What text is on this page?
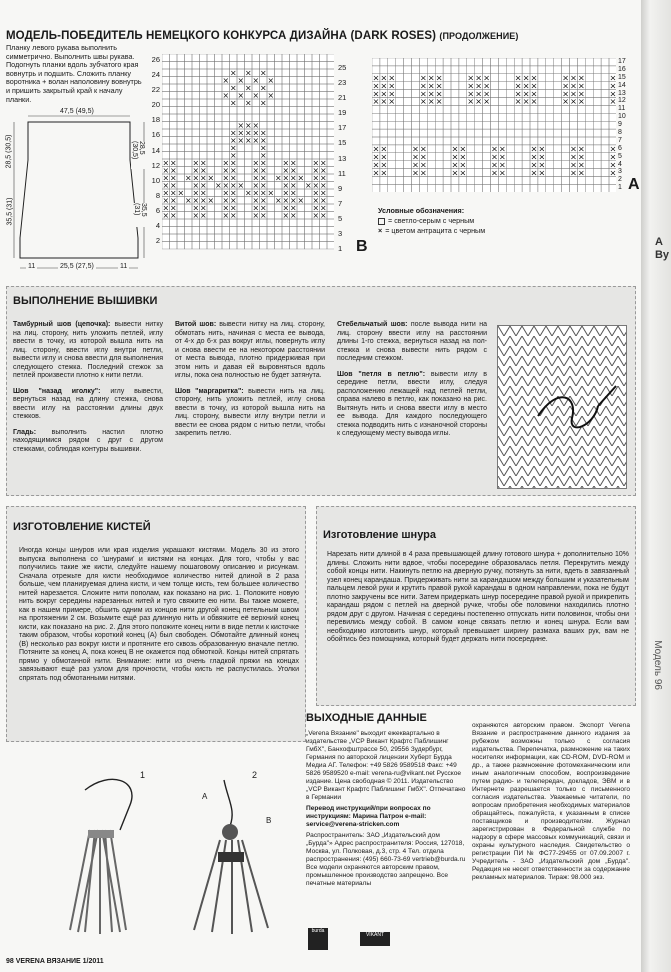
МОДЕЛЬ-ПОБЕДИТЕЛЬ НЕМЕЦКОГО КОНКУРСА ДИЗАЙНА (DARK ROSES) (ПРОДОЛЖЕНИЕ)
Планку левого рукава выполнить симметрично. Выполнить швы рукава. Подогнуть планки вдоль зубчатого края вовнутрь и подшить. Сложить планку воротника + волан наполовину вовнутрь и пришить закрытый край к началу планки.
47,5 (49,5)
28,5 (30,5)
35,5 (31)
28,5 (30,5)
35,5 (31)
11	25,5 (27,5)	11
26
24
22
20
18
16
14
12
10
8
6
4
2
× × ×
× × × ×
× × ×
× × × ×
× × ×
× × ×
× × × × ×
× × × × ×
×	×
×	×
× × × × × × × × × × × ×
× × × × × × × × × × × ×
× × × × × × × × × × × × × × × ×
× × × × × × × × × × × × × × ×
× × × × × × × × × × × × × × ×
× × × × × × × × × × × × × × × ×
× × × × × × × × × × × ×
× × × × × × × × × × × ×
25
23
21
19
17
15
13
11
9
7
5
3
1 B
× × ×	× × ×	× × ×	× × ×	× × ×	×
× × ×	× × ×	× × ×	× × ×	× × ×	×
× × ×	× × ×	× × ×	× × ×	× × ×	×
× × ×	× × ×	× × ×	× × ×	× × ×	×
× ×	× ×	× ×	× ×	× ×	× ×	×
× ×	× ×	× ×	× ×	× ×	× ×	×
× ×	× ×	× ×	× ×	× ×	× ×	×
× ×	× ×	× ×	× ×	× ×	× ×	×
17
16
15
14
13
12
11
10
9
8
7
6
5
4
3
2
1 A
Условные обозначения:
= светло-серым с черным
× = цветом антрацита с черным
ВЫПОЛНЕНИЕ ВЫШИВКИ

Тамбурный шов (цепочка): вывести нитку на лиц. сторону, нить уложить петлей, иглу ввести в точку, из которой вышла нить на лиц. сторону, ввести иглу внутри петли, вывести иглу и снова ввести для выполнения следующего стежка. Последний стежок за петлей произвести плотно к нити петли.

Шов "назад иголку": иглу вывести, вернуться назад на длину стежка, снова ввести иглу на расстоянии длины двух стежков.

Гладь: выполнить настил плотно находящимися рядом с друг с другом стежками, соблюдая контуры вышивки.

Витой шов: вывести нитку на лиц. сторону, обмотать нить, начиная с места ее вывода, от 4-х до 6-х раз вокруг иглы, повернуть иглу и снова ввести ее на некотором расстоянии от места вывода, плотно придерживая при этом нить и давая ей выровняться вдоль иглы, пока она полностью не будет затянута.

Шов "маргаритка": вывести нить на лиц. сторону, нить уложить петлей, иглу снова ввести в точку, из которой вышла нить на лиц. сторону, вывести иглу внутри петли и ввести ее снова рядом с нитью петли, чтобы закрепить петлю.

Стебельчатый шов: после вывода нити на лиц. сторону ввести иглу на расстоянии длины 1-го стежка, вернуться назад на пол-стежка и снова вывести нить рядом с последним стежком.

Шов "петля в петлю": вывести иглу в середине петли, ввести иглу, следуя расположению лежащей над петлей петли, справа налево в петлю, как показано на рис. Вытянуть нить и снова ввести иглу в место ее вывода. Для каждого последующего стежка подводить нить с изнаночной стороны к следующему месту вывода иглы.

ИЗГОТОВЛЕНИЕ КИСТЕЙ
Иногда концы шнуров или края изделия украшают кистями. Модель 30 из этого выпуска выполнена со 'шнурами' и кистями на концах. Для того, чтобы у вас получились такие же кисти, следуйте нашему пошаговому описанию и рисункам. Сначала отрежьте для кисти необходимое количество нитей длиной в 2 раза больше, чем планируемая длина кисти, и чем толще кисть, тем большее количество нитей нарезается. Сложите нити пополам, как показано на рис. 1. Положите новую нить вокруг середины нарезанных нитей и туго свяжите ею нити. Вы также можете, как в нашем примере, обшить одним из концов нити другой конец петельным швом на протяжении 2 см. Возьмите ещё раз длинную нить и обвяжите её верхний конец кисти, как показано на рис. 2. Для этого положите конец нити в виде петли к кисточке таким образом, чтобы короткий конец (A) был свободен. Обмотайте длинный конец (B) несколько раз вокруг кисти и протяните его сквозь образованную вначале петлю. Потяните за конец A, пока конец B не окажется под обмоткой. Концы нитей спрятать прямо у обмотанной нити. Внимание: нити из очень гладкой пряжи на концах завязывают ещё раз узлом для прочности, чтобы кисть не распустилась. Уголки спрятать под обмотанными нитями.
Изготовление шнура
Нарезать нити длиной в 4 раза превышающей длину готового шнура + дополнительно 10% длины. Сложить нити вдвое, чтобы посередине образовалась петля. Перекрутить между собой концы нити. Накинуть петлю на дверную ручку, потянуть за нити, вдеть в завязанный узел конец карандаша. Придерживать нити за карандашом между большим и указательным пальцем левой руки и крутить правой рукой карандаш в одном направлении, пока не будут плотно закручены все нити. Затем придержать шнур посередине правой рукой и прикрепить карандаш рядом с петлей на дверной ручке, чтобы обе половинки находились плотно рядом друг с другом. Начиная с середины постепенно отпускать нити половинок, чтобы они перевились между собой. В самом конце связать петлю и конец шнура. Если вам необходимо изготовить шнур, который превышает ширину размаха ваших рук, вам не обойтись без помощника, который будет держать нити посередине.
1	2
A
B
ВЫХОДНЫЕ ДАННЫЕ

„Verena Вязание" выходит ежеквартально в издательстве „VCP Викант Крафтс Паблишинг ГмбХ", Банхофштрассе 50, 29556 Зудербург, Германия по авторской лицензии Хуберт Бурда Медиа АГ. Телефон: +49 5826 9589518 Факс: +49 5826 9589520 e-mail: verena-ru@vikant.net Русское издание. Цена свободная © 2011. Издательство „VCP Викант Крафтс Паблишинг ГмбХ". Отпечатано в Германии

Перевод инструкций/при вопросах по инструкциям: Марина Патрон e-mail: service@verena-stricken.com

Распространитель: ЗАО „Издательский дом „Бурда"» Адрес распространителя: Россия, 127018, Москва, ул. Полковая, д.3, стр. 4 Тел. отдела распространения: (495) 660-73-69 vertrieb@burda.ru Все модели охраняются авторским правом, промышленное производство запрещено. Все печатные материалы

охраняются авторским правом. Экспорт Verena Вязание и распространение данного издания за рубежом возможны только с согласия издательства. Перепечатка, размножение на таких носителях информации, как CD-ROM, DVD-ROM и др., а также размножение фотомеханическим или иным аналогичным способом, воспроизведение путем радио- и телепередач, докладов, ЭВМ и в Интернете разрешается только с письменного согласия издательства. Уважаемые читатели, по вопросам приобретения необходимых материалов обращайтесь, пожалуйста, к указанным в списке поставщиков и производителям. Журнал зарегистрирован в Федеральной службе по надзору в сфере массовых коммуникаций, связи и охраны культурного наследия. Свидетельство о регистрации ПИ № ФС77-29455 от 07.09.2007 г. Учредитель - ЗАО „Издательский дом „Бурда". Редакция не несет ответственности за содержание рекламных материалов. Тираж: 98.000 экз.
burda
VIKANT
98 VERENA ВЯЗАНИЕ 1/2011
А
Ву
Модель 96
